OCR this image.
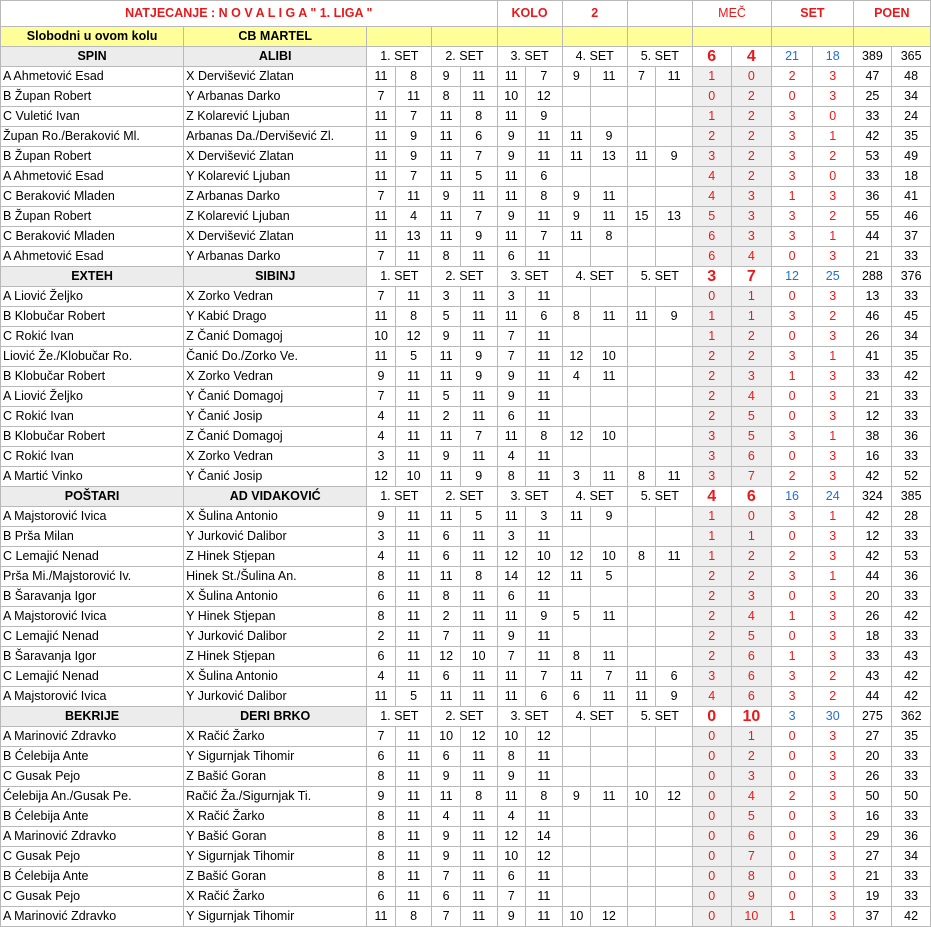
NATJECANJE : N O V A L I G A " 1. LIGA "						KOLO		2				MEČ		SET		POEN	
Slobodni u ovom kolu	CB MARTEL																
SPIN	ALIBI	1. SET		2. SET		3. SET		4. SET		5. SET		6	4	21	18	389	365
A Ahmetović Esad	X Dervišević Zlatan	11	8	9	11	11	7	9	11	7	11	1	0	2	3	47	48
B Župan Robert	Y Arbanas Darko	7	11	8	11	10	12					0	2	0	3	25	34
C Vuletić Ivan	Z Kolarević Ljuban	11	7	11	8	11	9					1	2	3	0	33	24
Župan Ro./Beraković Ml.	Arbanas Da./Dervišević Zl.	11	9	11	6	9	11	11	9			2	2	3	1	42	35
B Župan Robert	X Dervišević Zlatan	11	9	11	7	9	11	11	13	11	9	3	2	3	2	53	49
A Ahmetović Esad	Y Kolarević Ljuban	11	7	11	5	11	6					4	2	3	0	33	18
C Beraković Mladen	Z Arbanas Darko	7	11	9	11	11	8	9	11			4	3	1	3	36	41
B Župan Robert	Z Kolarević Ljuban	11	4	11	7	9	11	9	11	15	13	5	3	3	2	55	46
C Beraković Mladen	X Dervišević Zlatan	11	13	11	9	11	7	11	8			6	3	3	1	44	37
A Ahmetović Esad	Y Arbanas Darko	7	11	8	11	6	11					6	4	0	3	21	33
EXTEH	SIBINJ	1. SET		2. SET		3. SET		4. SET		5. SET		3	7	12	25	288	376
A Liović Željko	X Zorko Vedran	7	11	3	11	3	11					0	1	0	3	13	33
B Klobučar Robert	Y Kabić Drago	11	8	5	11	11	6	8	11	11	9	1	1	3	2	46	45
C Rokić Ivan	Z Čanić Domagoj	10	12	9	11	7	11					1	2	0	3	26	34
Liović Že./Klobučar Ro.	Čanić Do./Zorko Ve.	11	5	11	9	7	11	12	10			2	2	3	1	41	35
B Klobučar Robert	X Zorko Vedran	9	11	11	9	9	11	4	11			2	3	1	3	33	42
A Liović Željko	Y Čanić Domagoj	7	11	5	11	9	11					2	4	0	3	21	33
C Rokić Ivan	Y Čanić Josip	4	11	2	11	6	11					2	5	0	3	12	33
B Klobučar Robert	Z Čanić Domagoj	4	11	11	7	11	8	12	10			3	5	3	1	38	36
C Rokić Ivan	X Zorko Vedran	3	11	9	11	4	11					3	6	0	3	16	33
A Martić Vinko	Y Čanić Josip	12	10	11	9	8	11	3	11	8	11	3	7	2	3	42	52
POŠTARI	AD VIDAKOVIĆ	1. SET		2. SET		3. SET		4. SET		5. SET		4	6	16	24	324	385
A Majstorović Ivica	X Šulina Antonio	9	11	11	5	11	3	11	9			1	0	3	1	42	28
B Prša Milan	Y Jurković Dalibor	3	11	6	11	3	11					1	1	0	3	12	33
C Lemajić Nenad	Z Hinek Stjepan	4	11	6	11	12	10	12	10	8	11	1	2	2	3	42	53
Prša Mi./Majstorović Iv.	Hinek St./Šulina An.	8	11	11	8	14	12	11	5			2	2	3	1	44	36
B Šaravanja Igor	X Šulina Antonio	6	11	8	11	6	11					2	3	0	3	20	33
A Majstorović Ivica	Y Hinek Stjepan	8	11	2	11	11	9	5	11			2	4	1	3	26	42
C Lemajić Nenad	Y Jurković Dalibor	2	11	7	11	9	11					2	5	0	3	18	33
B Šaravanja Igor	Z Hinek Stjepan	6	11	12	10	7	11	8	11			2	6	1	3	33	43
C Lemajić Nenad	X Šulina Antonio	4	11	6	11	11	7	11	7	11	6	3	6	3	2	43	42
A Majstorović Ivica	Y Jurković Dalibor	11	5	11	11	11	6	6	11	11	9	4	6	3	2	44	42
BEKRIJE	DERI BRKO	1. SET		2. SET		3. SET		4. SET		5. SET		0	10	3	30	275	362
A Marinović Zdravko	X Račić Žarko	7	11	10	12	10	12					0	1	0	3	27	35
B Ćelebija Ante	Y Sigurnjak Tihomir	6	11	6	11	8	11					0	2	0	3	20	33
C Gusak Pejo	Z Bašić Goran	8	11	9	11	9	11					0	3	0	3	26	33
Ćelebija An./Gusak Pe.	Račić Ža./Sigurnjak Ti.	9	11	11	8	11	8	9	11	10	12	0	4	2	3	50	50
B Ćelebija Ante	X Račić Žarko	8	11	4	11	4	11					0	5	0	3	16	33
A Marinović Zdravko	Y Bašić Goran	8	11	9	11	12	14					0	6	0	3	29	36
C Gusak Pejo	Y Sigurnjak Tihomir	8	11	9	11	10	12					0	7	0	3	27	34
B Ćelebija Ante	Z Bašić Goran	8	11	7	11	6	11					0	8	0	3	21	33
C Gusak Pejo	X Račić Žarko	6	11	6	11	7	11					0	9	0	3	19	33
A Marinović Zdravko	Y Sigurnjak Tihomir	11	8	7	11	9	11	10	12			0	10	1	3	37	42
